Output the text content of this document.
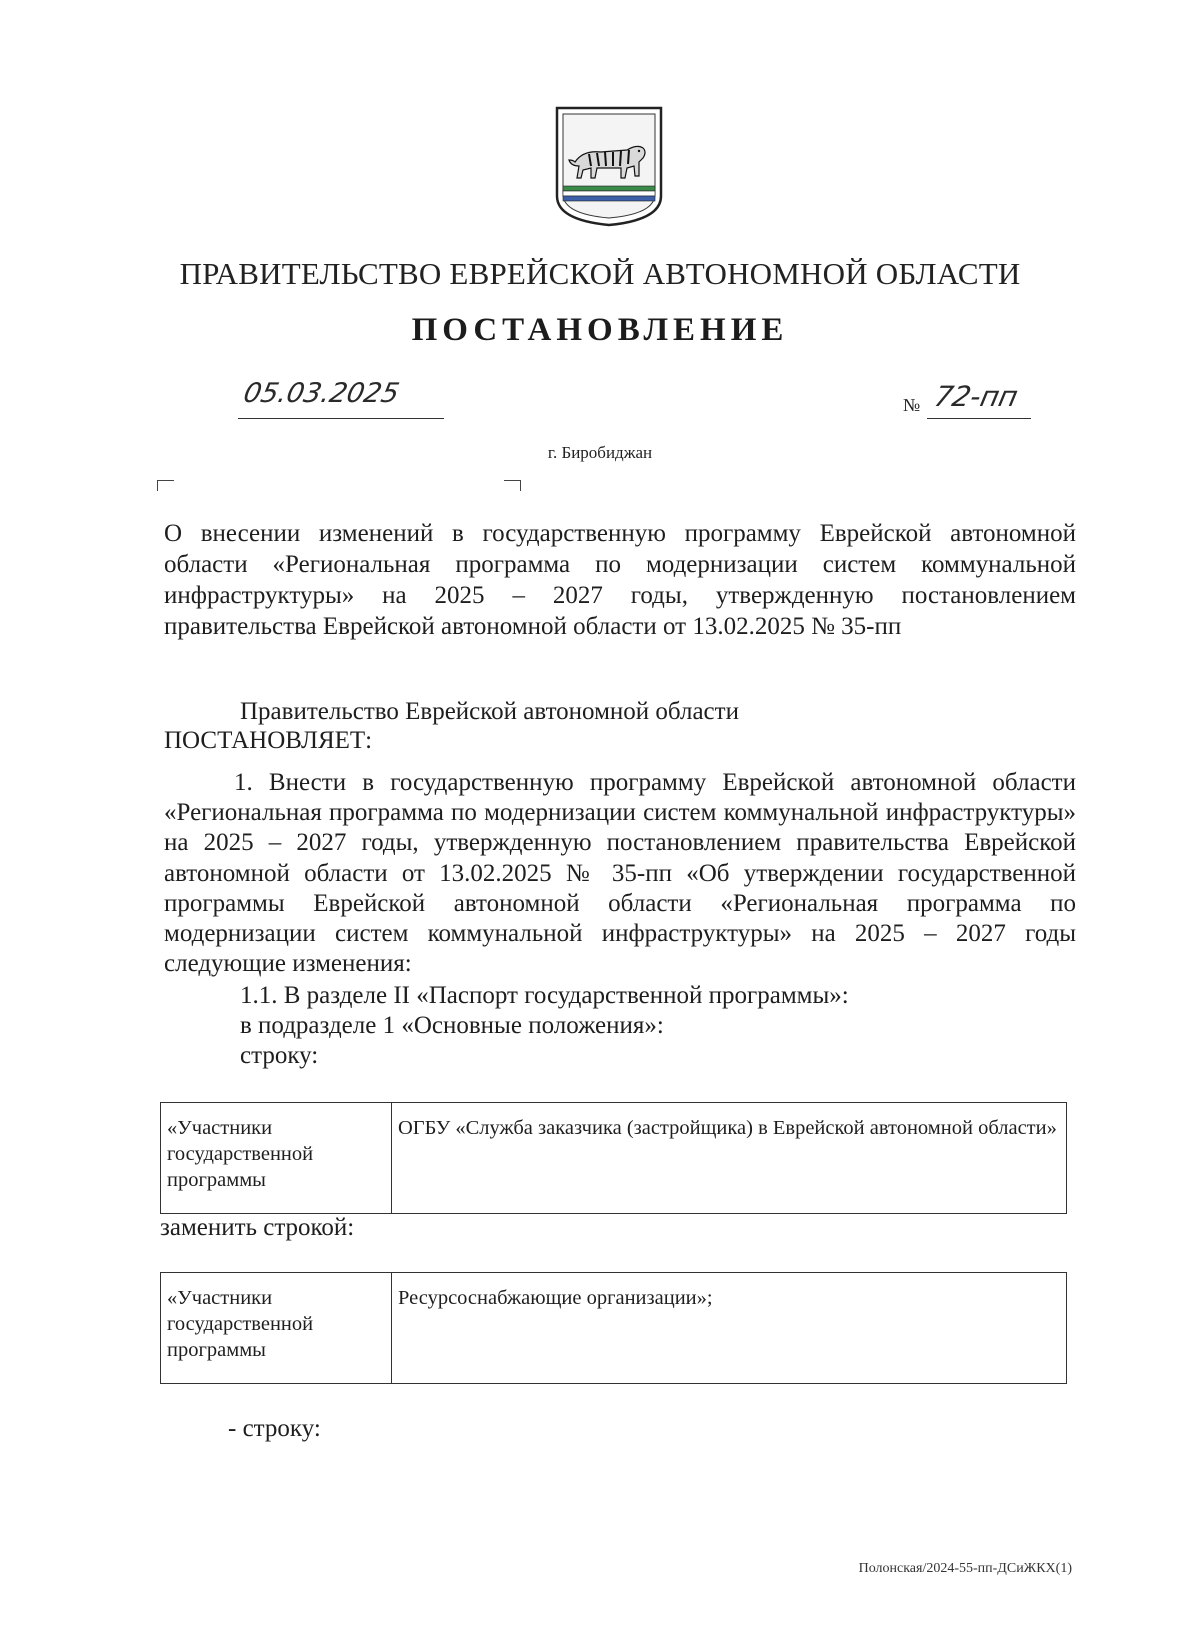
ПРАВИТЕЛЬСТВО ЕВРЕЙСКОЙ АВТОНОМНОЙ ОБЛАСТИ
ПОСТАНОВЛЕНИЕ
05.03.2025	№ 72-пп
г. Биробиджан
О внесении изменений в государственную программу Еврейской автономной области «Региональная программа по модернизации систем коммунальной инфраструктуры» на 2025 – 2027 годы, утвержденную постановлением правительства Еврейской автономной области от 13.02.2025 № 35-пп
Правительство Еврейской автономной области
ПОСТАНОВЛЯЕТ:
1. Внести в государственную программу Еврейской автономной области «Региональная программа по модернизации систем коммунальной инфраструктуры» на 2025 – 2027 годы, утвержденную постановлением правительства Еврейской автономной области от 13.02.2025 № 35-пп «Об утверждении государственной программы Еврейской автономной области «Региональная программа по модернизации систем коммунальной инфраструктуры» на 2025 – 2027 годы следующие изменения:
1.1. В разделе II «Паспорт государственной программы»:
в подразделе 1 «Основные положения»:
строку:
«Участники государственной программы	ОГБУ «Служба заказчика (застройщика) в Еврейской автономной области»
заменить строкой:
«Участники государственной программы	Ресурсоснабжающие организации»;
- строку:
Полонская/2024-55-пп-ДСиЖКХ(1)
